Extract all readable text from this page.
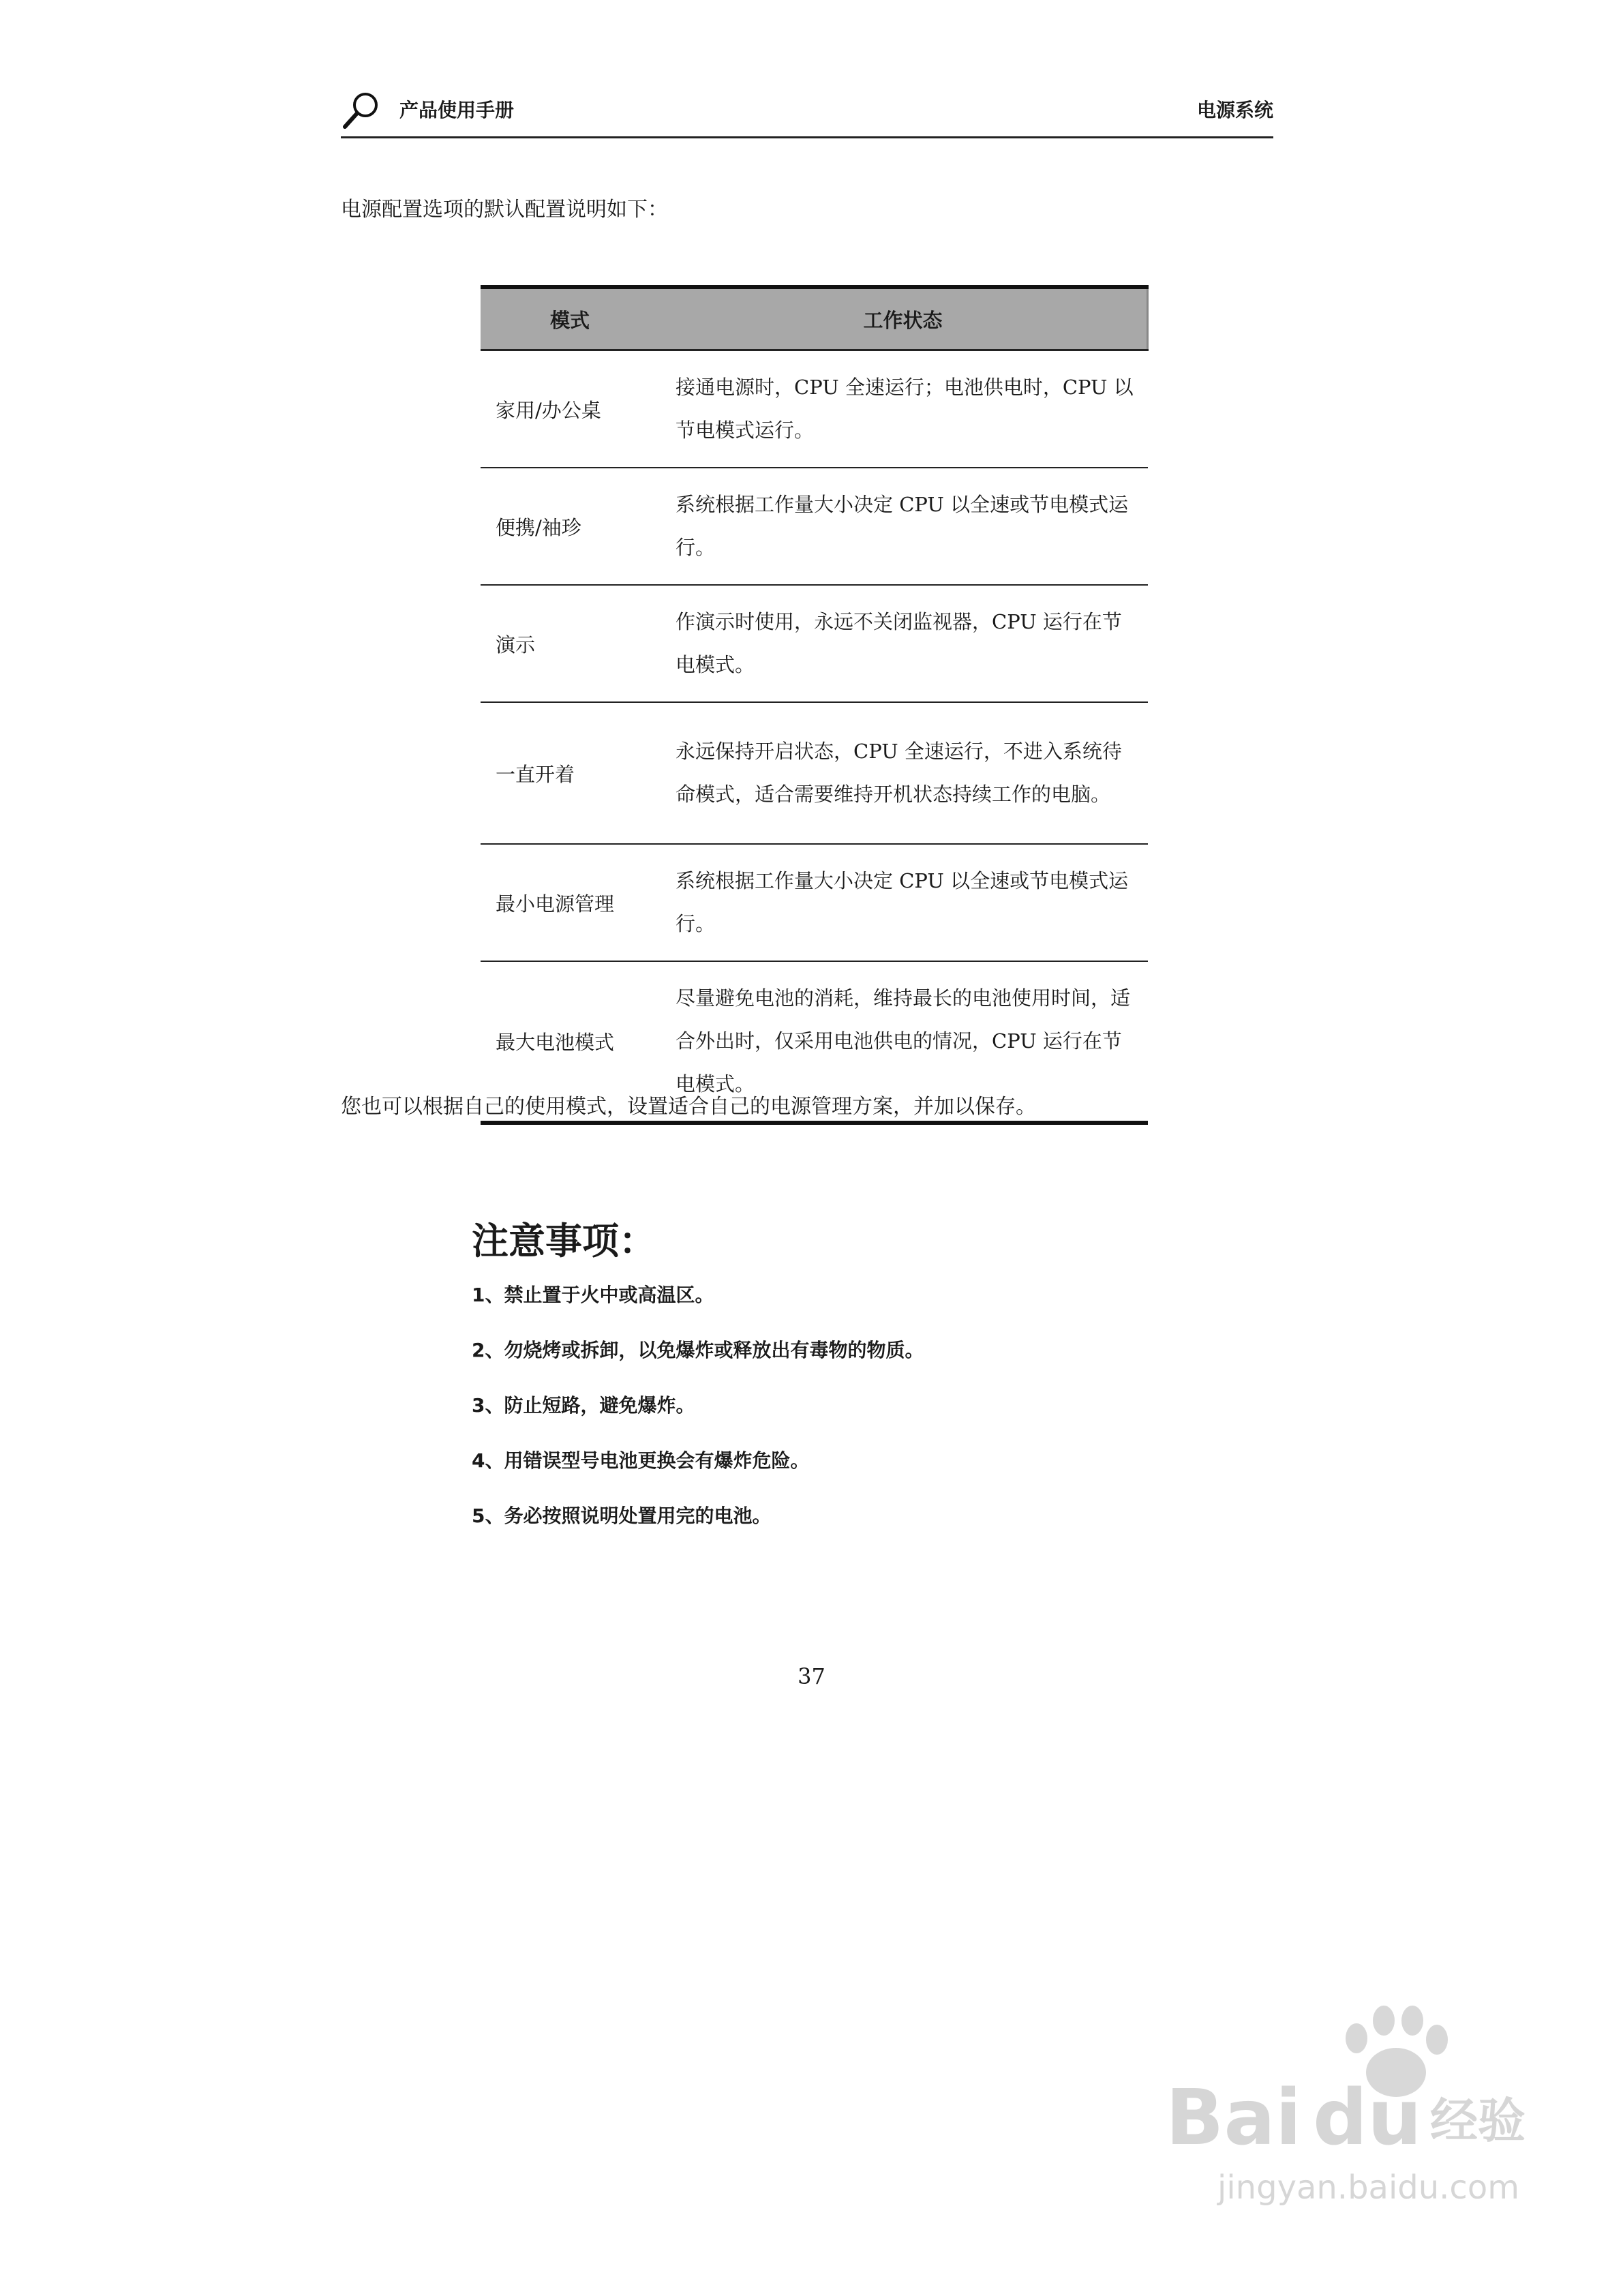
产品使用手册	电源系统
电源配置选项的默认配置说明如下：
模式	工作状态
家用/办公桌	接通电源时，CPU 全速运行；电池供电时，CPU 以节电模式运行。
便携/袖珍	系统根据工作量大小决定 CPU 以全速或节电模式运行。
演示	作演示时使用，永远不关闭监视器，CPU 运行在节电模式。
一直开着	永远保持开启状态，CPU 全速运行，不进入系统待命模式，适合需要维持开机状态持续工作的电脑。
最小电源管理	系统根据工作量大小决定 CPU 以全速或节电模式运行。
最大电池模式	尽量避免电池的消耗，维持最长的电池使用时间，适合外出时，仅采用电池供电的情况，CPU 运行在节电模式。
您也可以根据自己的使用模式，设置适合自己的电源管理方案，并加以保存。
注意事项：
1、禁止置于火中或高温区。
2、勿烧烤或拆卸，以免爆炸或释放出有毒物的物质。
3、防止短路，避免爆炸。
4、用错误型号电池更换会有爆炸危险。
5、务必按照说明处置用完的电池。
37
Bai du 经验
jingyan.baidu.com
